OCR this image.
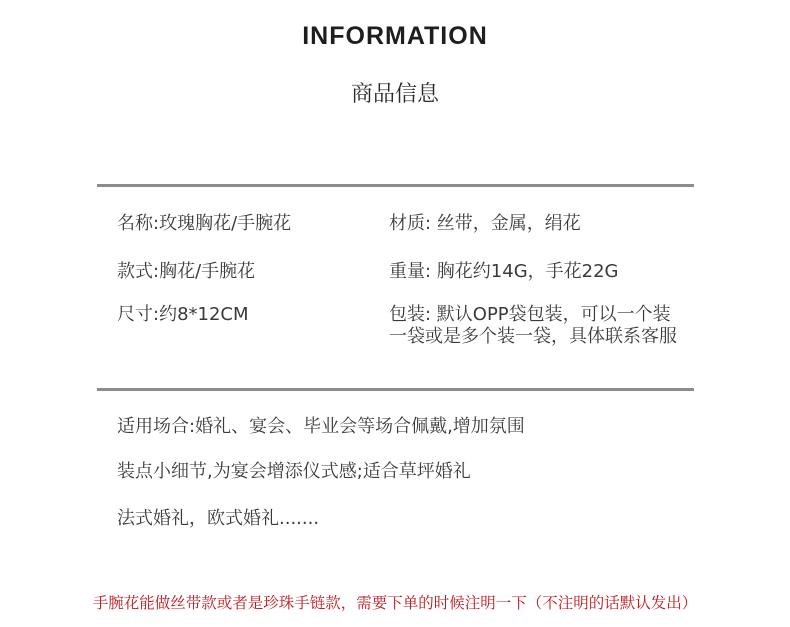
INFORMATION
商品信息
名称:玫瑰胸花/手腕花	材质: 丝带，金属，绢花
款式:胸花/手腕花	重量: 胸花约14G，手花22G
尺寸:约8*12CM	包装: 默认OPP袋包装，可以一个装
一袋或是多个装一袋，具体联系客服
适用场合:婚礼、宴会、毕业会等场合佩戴,增加氛围
装点小细节,为宴会增添仪式感;适合草坪婚礼
法式婚礼，欧式婚礼.......
手腕花能做丝带款或者是珍珠手链款，需要下单的时候注明一下（不注明的话默认发出）
